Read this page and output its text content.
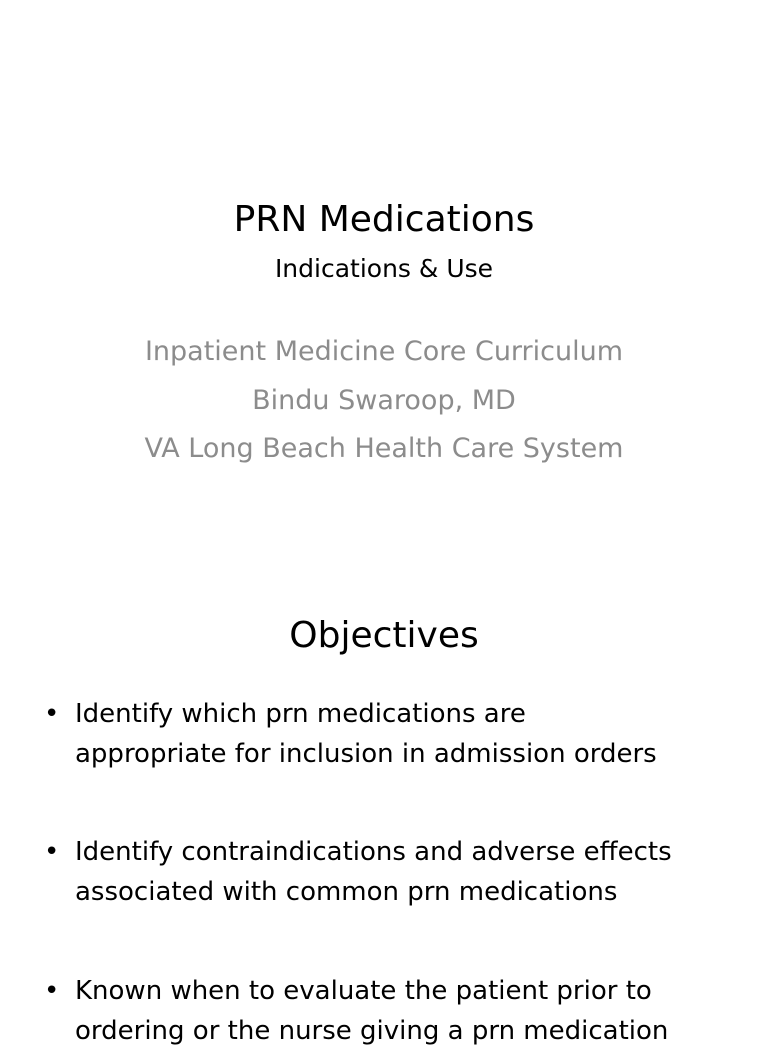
PRN Medications
Indications & Use
Inpatient Medicine Core Curriculum
Bindu Swaroop, MD
VA Long Beach Health Care System
Objectives
• Identify which prn medications are
appropriate for inclusion in admission orders
• Identify contraindications and adverse effects
associated with common prn medications
• Known when to evaluate the patient prior to
ordering or the nurse giving a prn medication
